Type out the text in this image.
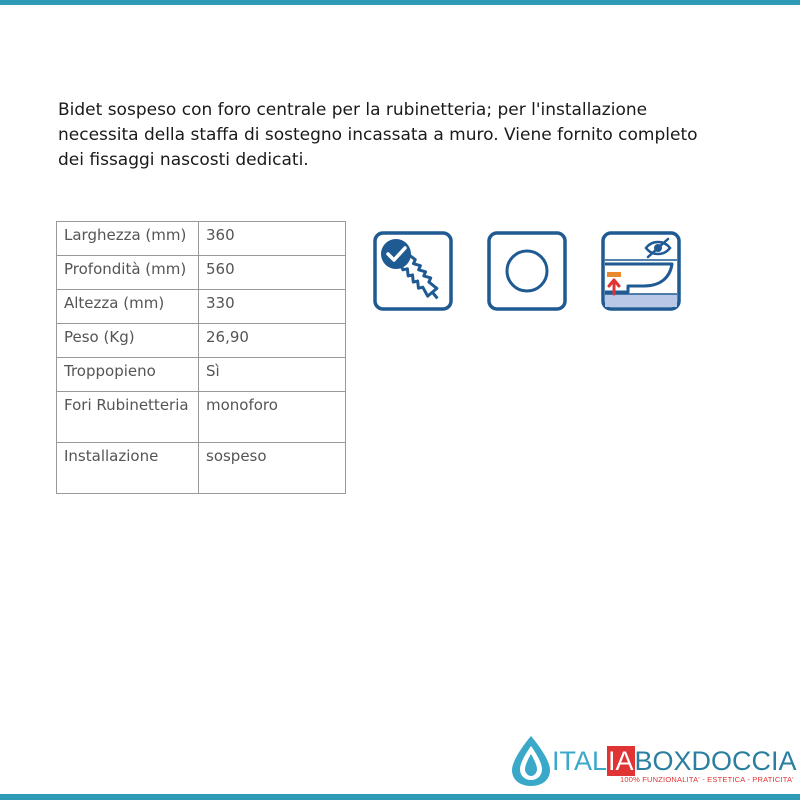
Bidet sospeso con foro centrale per la rubinetteria; per l'installazione

necessita della staffa di sostegno incassata a muro. Viene fornito completo

dei fissaggi nascosti dedicati.

Larghezza (mm)	360
Profondità (mm)	560
Altezza (mm)	330
Peso (Kg)	26,90
Troppopieno	Sì
Fori Rubinetteria	monoforo
Installazione	sospeso
ITALIABOXDOCCIA
100% FUNZIONALITA' - ESTETICA - PRATICITA'
